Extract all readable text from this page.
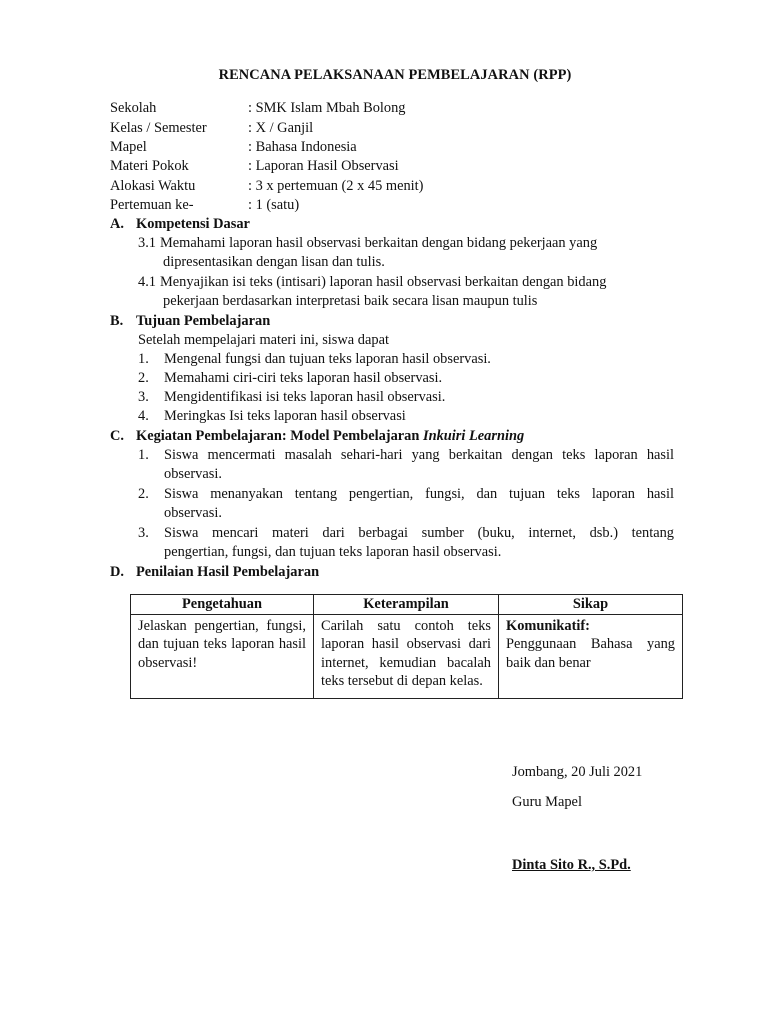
RENCANA PELAKSANAAN PEMBELAJARAN (RPP)
Sekolah	: SMK Islam Mbah Bolong
Kelas / Semester	: X / Ganjil
Mapel	: Bahasa Indonesia
Materi Pokok	: Laporan Hasil Observasi
Alokasi Waktu	: 3 x pertemuan (2 x 45 menit)
Pertemuan ke-	: 1 (satu)
A. Kompetensi Dasar
3.1 Memahami laporan hasil observasi berkaitan dengan bidang pekerjaan yang
dipresentasikan dengan lisan dan tulis.
4.1 Menyajikan isi teks (intisari) laporan hasil observasi berkaitan dengan bidang
pekerjaan berdasarkan interpretasi baik secara lisan maupun tulis
B. Tujuan Pembelajaran
Setelah mempelajari materi ini, siswa dapat
1. Mengenal fungsi dan tujuan teks laporan hasil observasi.
2. Memahami ciri-ciri teks laporan hasil observasi.
3. Mengidentifikasi isi teks laporan hasil observasi.
4. Meringkas Isi teks laporan hasil observasi
C. Kegiatan Pembelajaran: Model Pembelajaran Inkuiri Learning
1. Siswa mencermati masalah sehari-hari yang berkaitan dengan teks laporan hasil
observasi.
2. Siswa menanyakan tentang pengertian, fungsi, dan tujuan teks laporan hasil
observasi.
3. Siswa mencari materi dari berbagai sumber (buku, internet, dsb.) tentang
pengertian, fungsi, dan tujuan teks laporan hasil observasi.
D. Penilaian Hasil Pembelajaran
Pengetahuan	Keterampilan	Sikap
Jelaskan pengertian, fungsi, dan tujuan teks laporan hasil observasi!	Carilah satu contoh teks laporan hasil observasi dari internet, kemudian bacalah teks tersebut di depan kelas.	Komunikatif:
Penggunaan Bahasa yang baik dan benar
Jombang, 20 Juli 2021
Guru Mapel
Dinta Sito R., S.Pd.
